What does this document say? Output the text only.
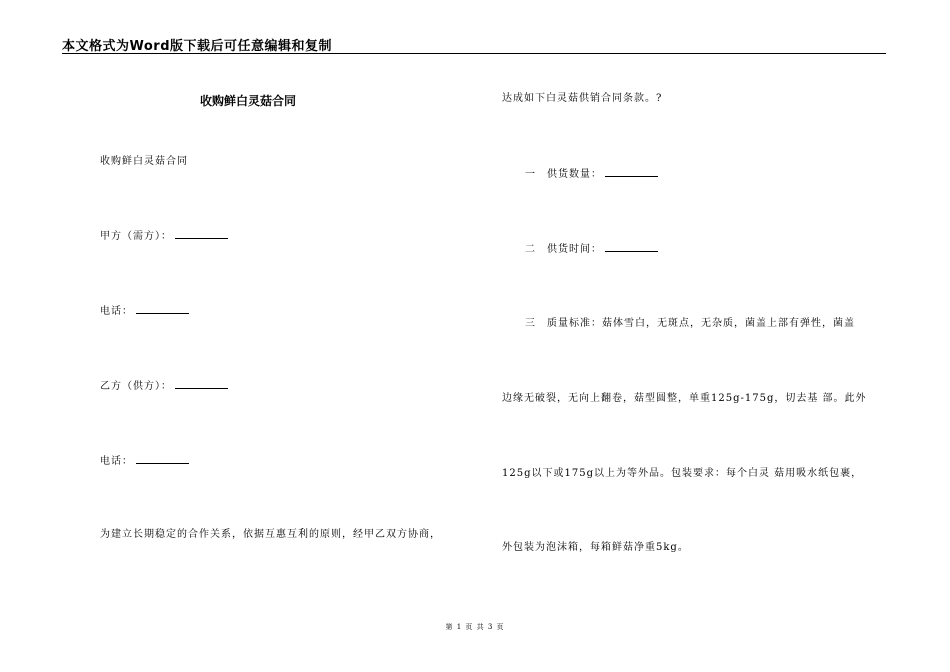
本文格式为Word版下载后可任意编辑和复制
收购鲜白灵菇合同
收购鲜白灵菇合同
甲方（需方）：
电话：
乙方（供方）：
电话：
为建立长期稳定的合作关系，依据互惠互利的原则，经甲乙双方协商，
达成如下白灵菇供销合同条款。?
一　供货数量：
二　供货时间：
三　质量标准：菇体雪白，无斑点，无杂质，菌盖上部有弹性，菌盖
边缘无破裂，无向上翻卷，菇型圆整，单重125g-175g，切去基 部。此外
125g以下或175g以上为等外品。包装要求：每个白灵 菇用吸水纸包裹，
外包装为泡沫箱，每箱鲜菇净重5kg。
第 1 页 共 3 页
